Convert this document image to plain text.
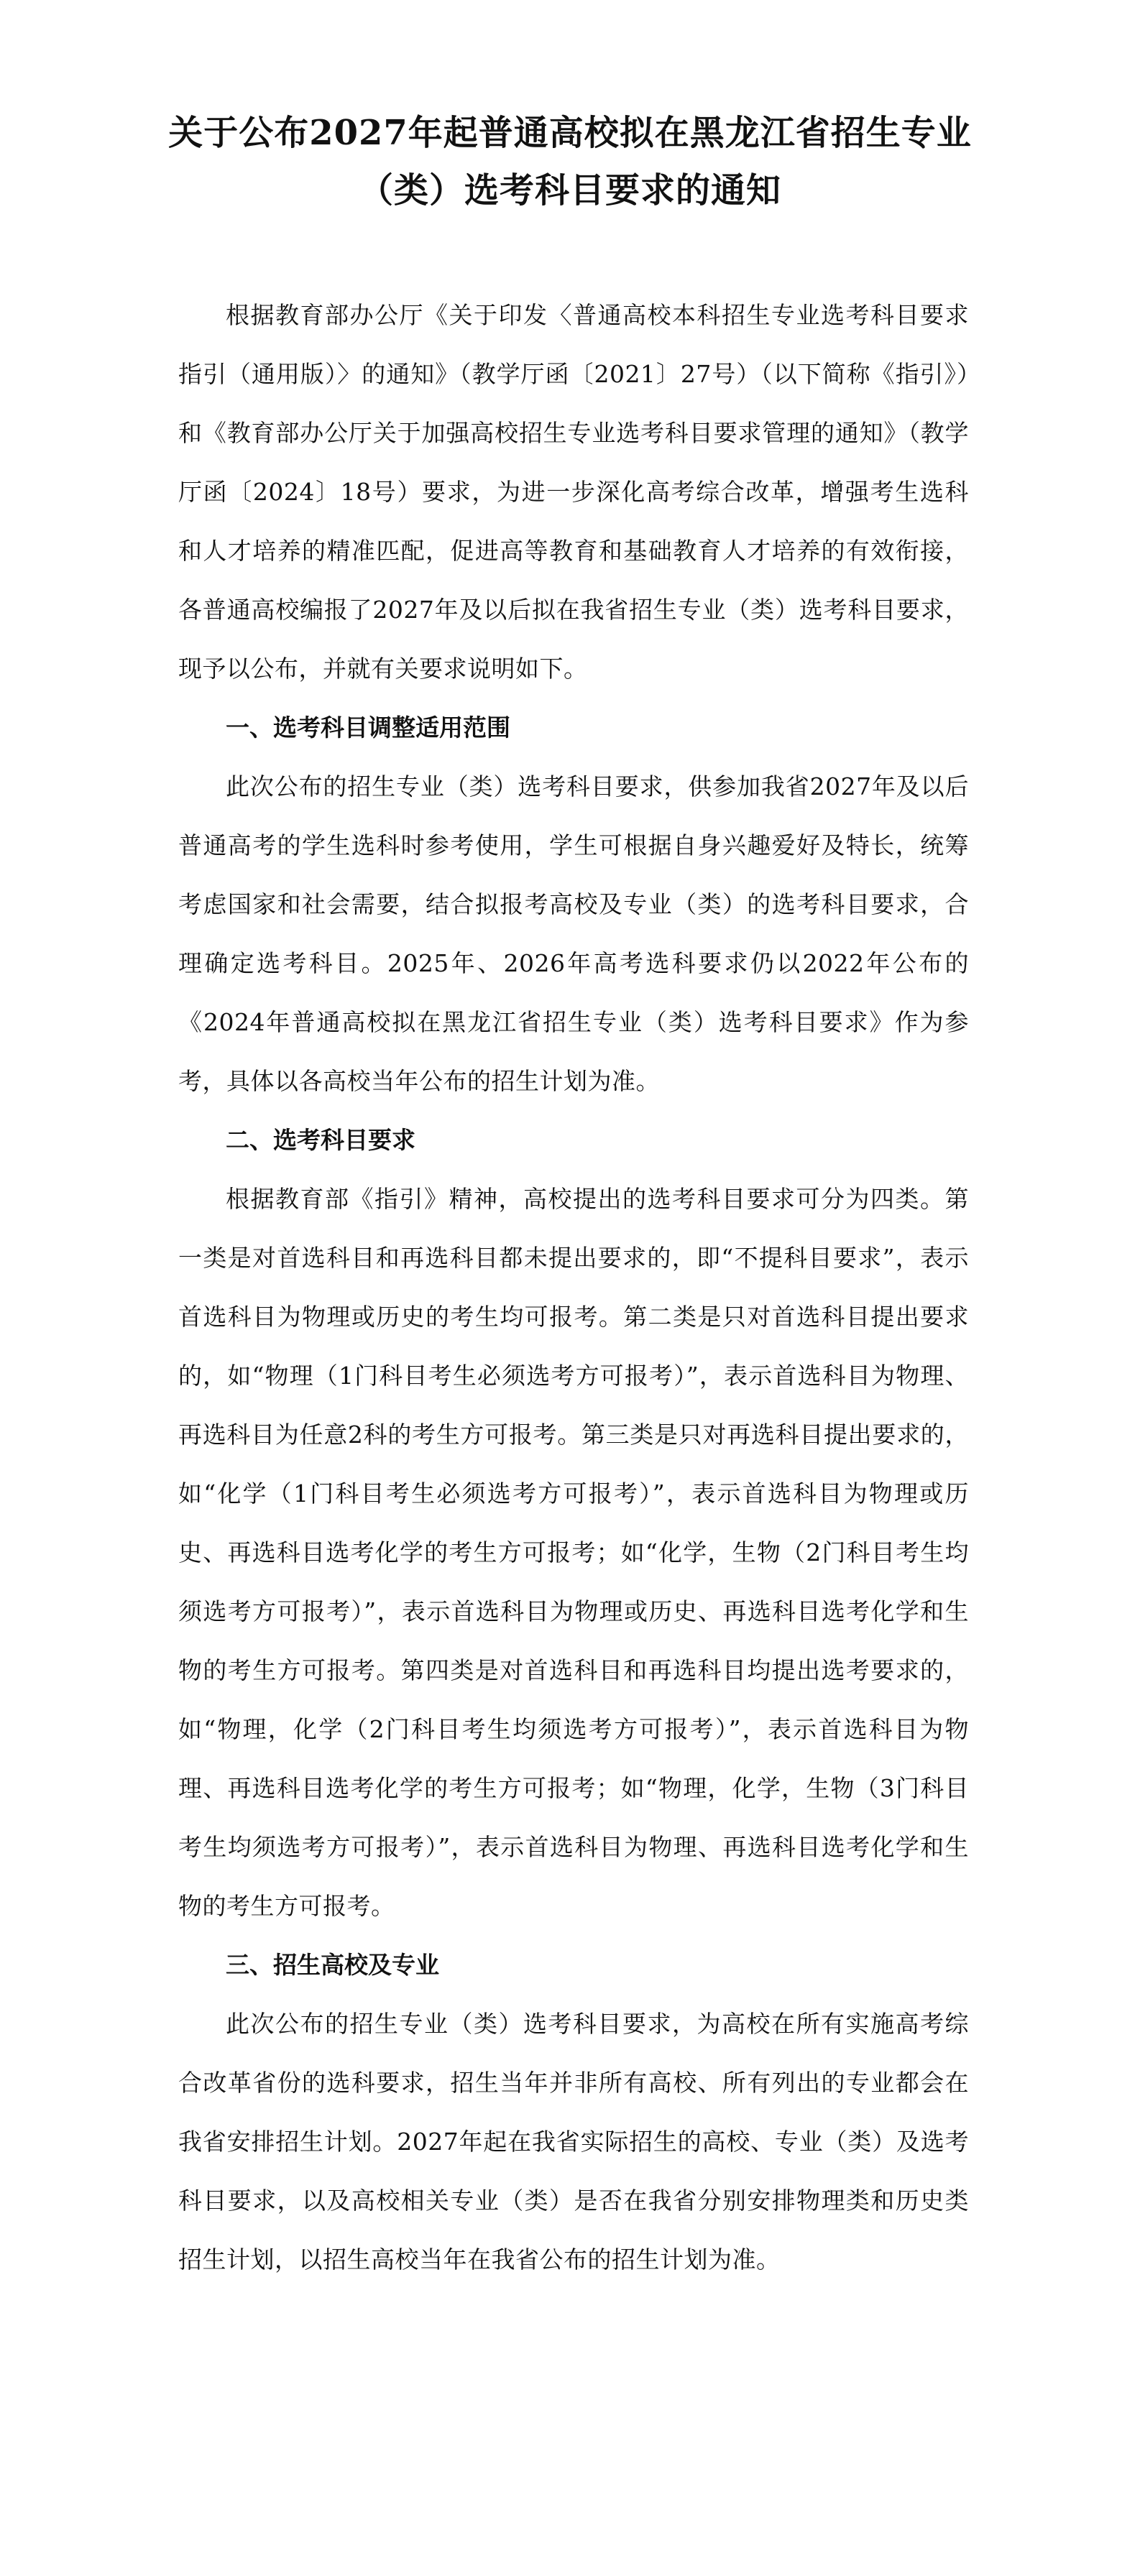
关于公布2027年起普通高校拟在黑龙江省招生专业
（类）选考科目要求的通知

根据教育部办公厅《关于印发〈普通高校本科招生专业选考科目要求指引（通用版）〉的通知》（教学厅函〔2021〕27号）（以下简称《指引》）和《教育部办公厅关于加强高校招生专业选考科目要求管理的通知》（教学厅函〔2024〕18号）要求，为进一步深化高考综合改革，增强考生选科和人才培养的精准匹配，促进高等教育和基础教育人才培养的有效衔接，各普通高校编报了2027年及以后拟在我省招生专业（类）选考科目要求，现予以公布，并就有关要求说明如下。

一、选考科目调整适用范围

此次公布的招生专业（类）选考科目要求，供参加我省2027年及以后普通高考的学生选科时参考使用，学生可根据自身兴趣爱好及特长，统筹考虑国家和社会需要，结合拟报考高校及专业（类）的选考科目要求，合理确定选考科目。2025年、2026年高考选科要求仍以2022年公布的《2024年普通高校拟在黑龙江省招生专业（类）选考科目要求》作为参考，具体以各高校当年公布的招生计划为准。

二、选考科目要求

根据教育部《指引》精神，高校提出的选考科目要求可分为四类。第一类是对首选科目和再选科目都未提出要求的，即“不提科目要求”，表示首选科目为物理或历史的考生均可报考。第二类是只对首选科目提出要求的，如“物理（1门科目考生必须选考方可报考）”，表示首选科目为物理、再选科目为任意2科的考生方可报考。第三类是只对再选科目提出要求的，如“化学（1门科目考生必须选考方可报考）”，表示首选科目为物理或历史、再选科目选考化学的考生方可报考；如“化学，生物（2门科目考生均须选考方可报考）”，表示首选科目为物理或历史、再选科目选考化学和生物的考生方可报考。第四类是对首选科目和再选科目均提出选考要求的，如“物理，化学（2门科目考生均须选考方可报考）”，表示首选科目为物理、再选科目选考化学的考生方可报考；如“物理，化学，生物（3门科目考生均须选考方可报考）”，表示首选科目为物理、再选科目选考化学和生物的考生方可报考。

三、招生高校及专业

此次公布的招生专业（类）选考科目要求，为高校在所有实施高考综合改革省份的选科要求，招生当年并非所有高校、所有列出的专业都会在我省安排招生计划。2027年起在我省实际招生的高校、专业（类）及选考科目要求，以及高校相关专业（类）是否在我省分别安排物理类和历史类招生计划，以招生高校当年在我省公布的招生计划为准。
